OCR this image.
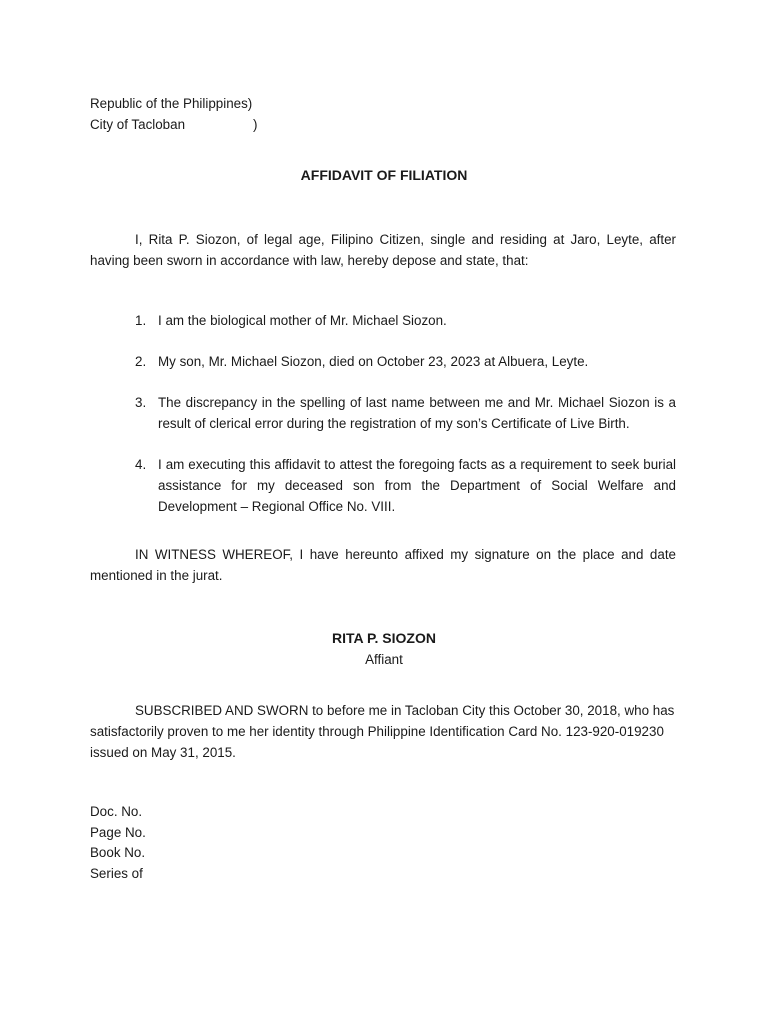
Republic of the Philippines)
City of Tacloban	)
AFFIDAVIT OF FILIATION
I, Rita P. Siozon, of legal age, Filipino Citizen, single and residing at Jaro, Leyte, after having been sworn in accordance with law, hereby depose and state, that:
1. I am the biological mother of Mr. Michael Siozon.
2. My son, Mr. Michael Siozon, died on October 23, 2023 at Albuera, Leyte.
3. The discrepancy in the spelling of last name between me and Mr. Michael Siozon is a result of clerical error during the registration of my son’s Certificate of Live Birth.
4. I am executing this affidavit to attest the foregoing facts as a requirement to seek burial assistance for my deceased son from the Department of Social Welfare and Development – Regional Office No. VIII.
IN WITNESS WHEREOF, I have hereunto affixed my signature on the place and date mentioned in the jurat.
RITA P. SIOZON
Affiant
SUBSCRIBED AND SWORN to before me in Tacloban City this October 30, 2018, who has satisfactorily proven to me her identity through Philippine Identification Card No. 123-920-019230 issued on May 31, 2015.
Doc. No.
Page No.
Book No.
Series of
